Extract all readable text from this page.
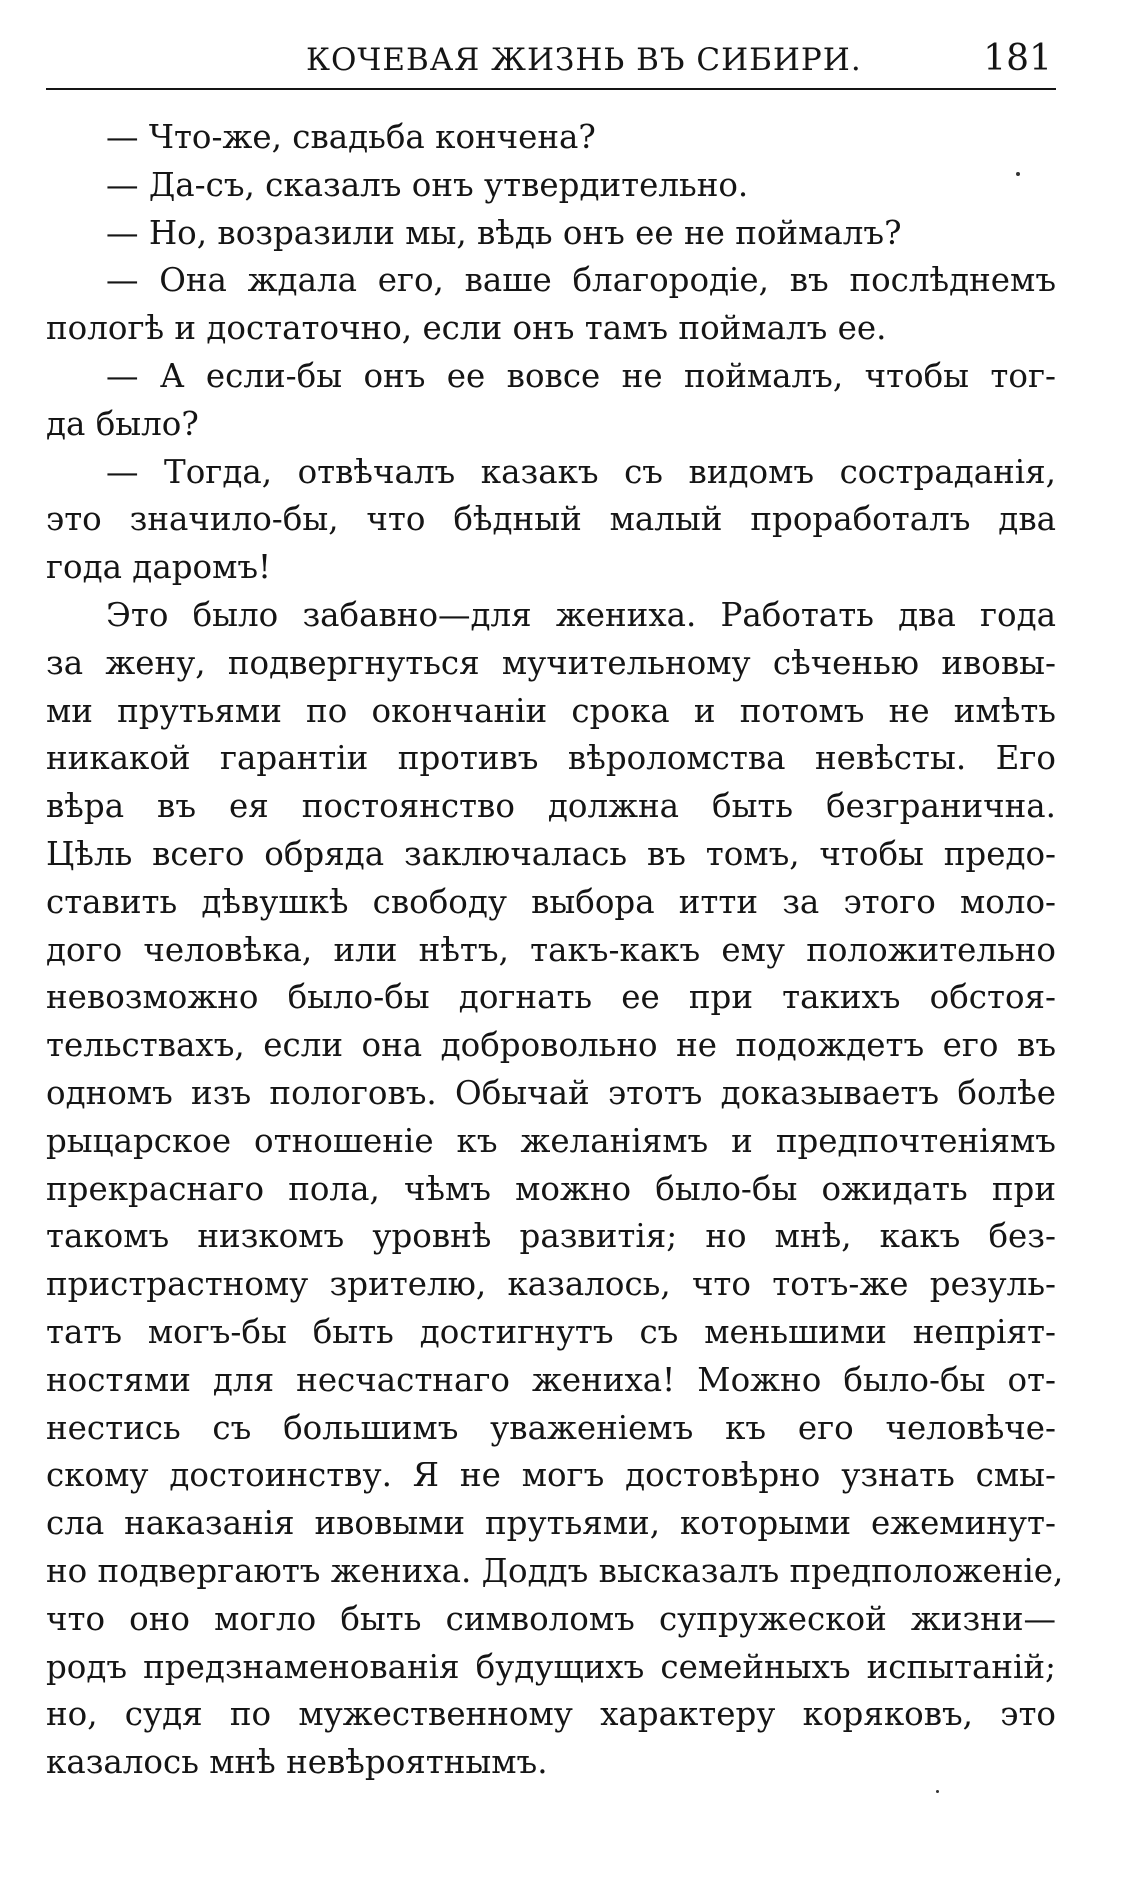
КОЧЕВАЯ ЖИЗНЬ ВЪ СИБИРИ.	181
— Что-же, свадьба кончена?
— Да-съ, сказалъ онъ утвердительно.
— Но, возразили мы, вѣдь онъ ее не поймалъ?
— Она ждала его, ваше благородіе, въ послѣднемъ
пологѣ и достаточно, если онъ тамъ поймалъ ее.
— А если-бы онъ ее вовсе не поймалъ, чтобы тог-
да было?
— Тогда, отвѣчалъ казакъ съ видомъ состраданія,
это значило-бы, что бѣдный малый проработалъ два
года даромъ!
Это было забавно—для жениха. Работать два года
за жену, подвергнуться мучительному сѣченью ивовы-
ми прутьями по окончаніи срока и потомъ не имѣть
никакой гарантіи противъ вѣроломства невѣсты. Его
вѣра въ ея постоянство должна быть безгранична.
Цѣль всего обряда заключалась въ томъ, чтобы предо-
ставить дѣвушкѣ свободу выбора итти за этого моло-
дого человѣка, или нѣтъ, такъ-какъ ему положительно
невозможно было-бы догнать ее при такихъ обстоя-
тельствахъ, если она добровольно не подождетъ его въ
одномъ изъ пологовъ. Обычай этотъ доказываетъ болѣе
рыцарское отношеніе къ желаніямъ и предпочтеніямъ
прекраснаго пола, чѣмъ можно было-бы ожидать при
такомъ низкомъ уровнѣ развитія; но мнѣ, какъ без-
пристрастному зрителю, казалось, что тотъ-же резуль-
татъ могъ-бы быть достигнутъ съ меньшими непріят-
ностями для несчастнаго жениха! Можно было-бы от-
нестись съ большимъ уваженіемъ къ его человѣче-
скому достоинству. Я не могъ достовѣрно узнать смы-
сла наказанія ивовыми прутьями, которыми ежеминут-
но подвергаютъ жениха. Доддъ высказалъ предположеніе,
что оно могло быть символомъ супружеской жизни—
родъ предзнаменованія будущихъ семейныхъ испытаній;
но, судя по мужественному характеру коряковъ, это
казалось мнѣ невѣроятнымъ.
